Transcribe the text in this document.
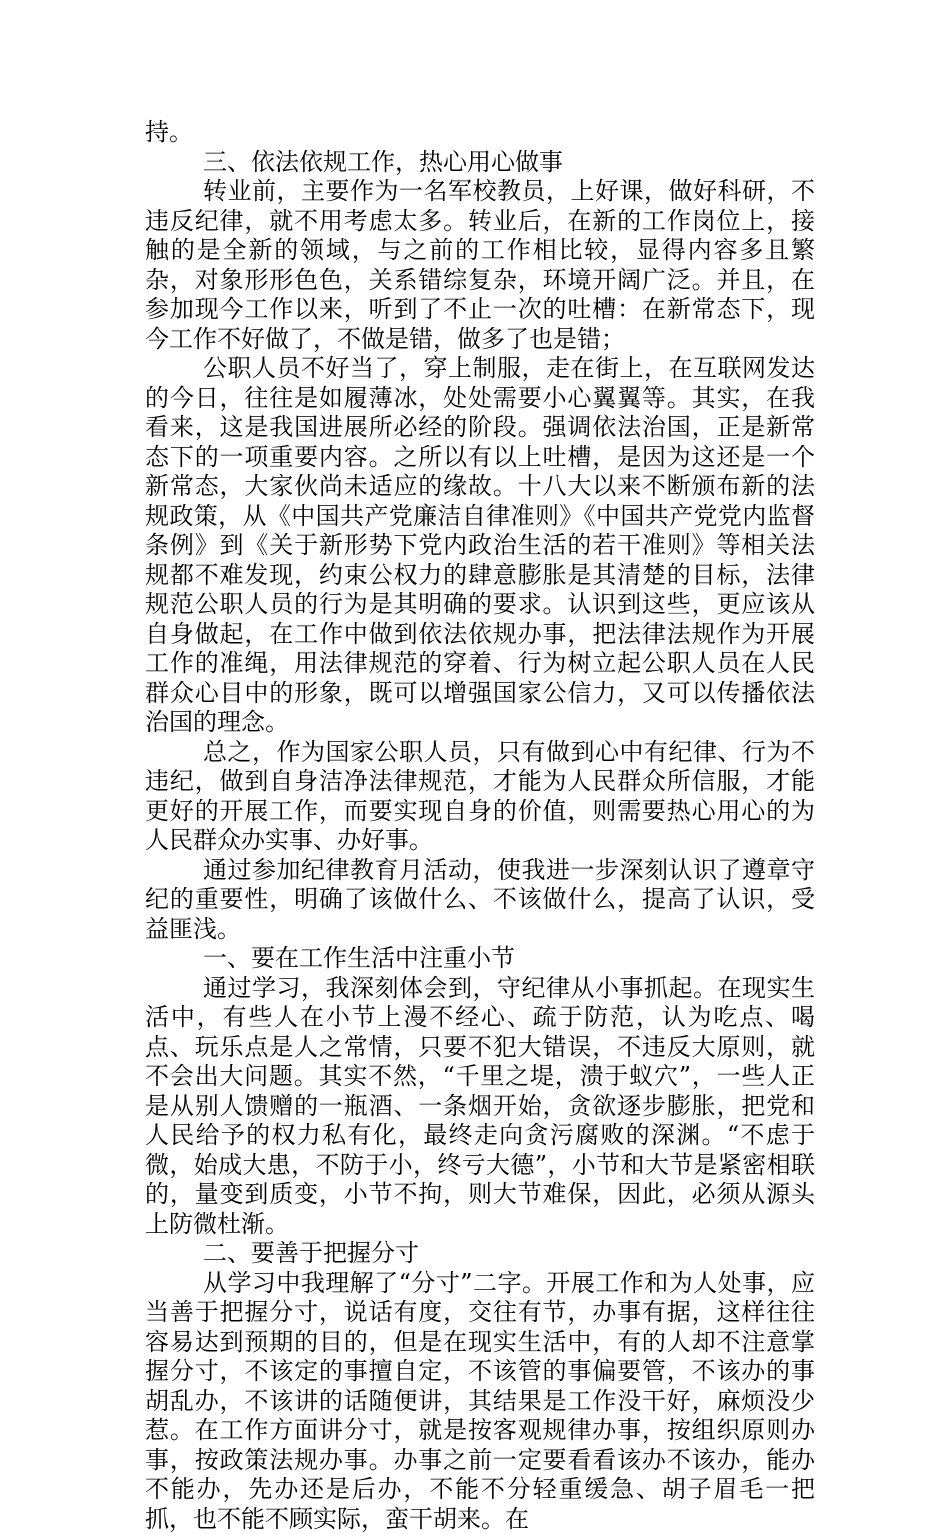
持。

三、依法依规工作，热心用心做事

转业前，主要作为一名军校教员，上好课，做好科研，不违反纪律，就不用考虑太多。转业后，在新的工作岗位上，接触的是全新的领域，与之前的工作相比较，显得内容多且繁杂，对象形形色色，关系错综复杂，环境开阔广泛。并且，在参加现今工作以来，听到了不止一次的吐槽：在新常态下，现今工作不好做了，不做是错，做多了也是错；

公职人员不好当了，穿上制服，走在街上，在互联网发达的今日，往往是如履薄冰，处处需要小心翼翼等。其实，在我看来，这是我国进展所必经的阶段。强调依法治国，正是新常态下的一项重要内容。之所以有以上吐槽，是因为这还是一个新常态，大家伙尚未适应的缘故。十八大以来不断颁布新的法规政策，从《中国共产党廉洁自律准则》《中国共产党党内监督条例》到《关于新形势下党内政治生活的若干准则》等相关法规都不难发现，约束公权力的肆意膨胀是其清楚的目标，法律规范公职人员的行为是其明确的要求。认识到这些，更应该从自身做起，在工作中做到依法依规办事，把法律法规作为开展工作的准绳，用法律规范的穿着、行为树立起公职人员在人民群众心目中的形象，既可以增强国家公信力，又可以传播依法治国的理念。

总之，作为国家公职人员，只有做到心中有纪律、行为不违纪，做到自身洁净法律规范，才能为人民群众所信服，才能更好的开展工作，而要实现自身的价值，则需要热心用心的为人民群众办实事、办好事。

通过参加纪律教育月活动，使我进一步深刻认识了遵章守纪的重要性，明确了该做什么、不该做什么，提高了认识，受益匪浅。

一、要在工作生活中注重小节

通过学习，我深刻体会到，守纪律从小事抓起。在现实生活中，有些人在小节上漫不经心、疏于防范，认为吃点、喝点、玩乐点是人之常情，只要不犯大错误，不违反大原则，就不会出大问题。其实不然，“千里之堤，溃于蚁穴”，一些人正是从别人馈赠的一瓶酒、一条烟开始，贪欲逐步膨胀，把党和人民给予的权力私有化，最终走向贪污腐败的深渊。“不虑于微，始成大患，不防于小，终亏大德”，小节和大节是紧密相联的，量变到质变，小节不拘，则大节难保，因此，必须从源头上防微杜渐。

二、要善于把握分寸

从学习中我理解了“分寸”二字。开展工作和为人处事，应当善于把握分寸，说话有度，交往有节，办事有据，这样往往容易达到预期的目的，但是在现实生活中，有的人却不注意掌握分寸，不该定的事擅自定，不该管的事偏要管，不该办的事胡乱办，不该讲的话随便讲，其结果是工作没干好，麻烦没少惹。在工作方面讲分寸，就是按客观规律办事，按组织原则办事，按政策法规办事。办事之前一定要看看该办不该办，能办不能办，先办还是后办，不能不分轻重缓急、胡子眉毛一把抓，也不能不顾实际，蛮干胡来。在
